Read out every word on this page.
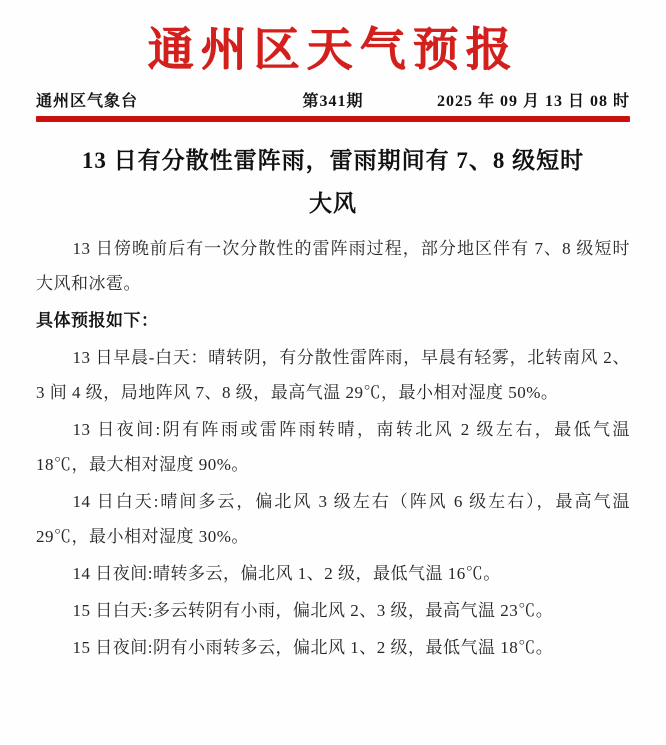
通州区天气预报
通州区气象台	第341期	2025 年 09 月 13 日 08 时
13 日有分散性雷阵雨，雷雨期间有 7、8 级短时
大风

13 日傍晚前后有一次分散性的雷阵雨过程，部分地区伴有 7、8 级短时大风和冰雹。

具体预报如下：

13 日早晨-白天：晴转阴，有分散性雷阵雨，早晨有轻雾，北转南风 2、3 间 4 级，局地阵风 7、8 级，最高气温 29℃，最小相对湿度 50%。

13 日夜间:阴有阵雨或雷阵雨转晴，南转北风 2 级左右，最低气温 18℃，最大相对湿度 90%。

14 日白天:晴间多云，偏北风 3 级左右（阵风 6 级左右），最高气温 29℃，最小相对湿度 30%。

14 日夜间:晴转多云，偏北风 1、2 级，最低气温 16℃。

15 日白天:多云转阴有小雨，偏北风 2、3 级，最高气温 23℃。

15 日夜间:阴有小雨转多云，偏北风 1、2 级，最低气温 18℃。
